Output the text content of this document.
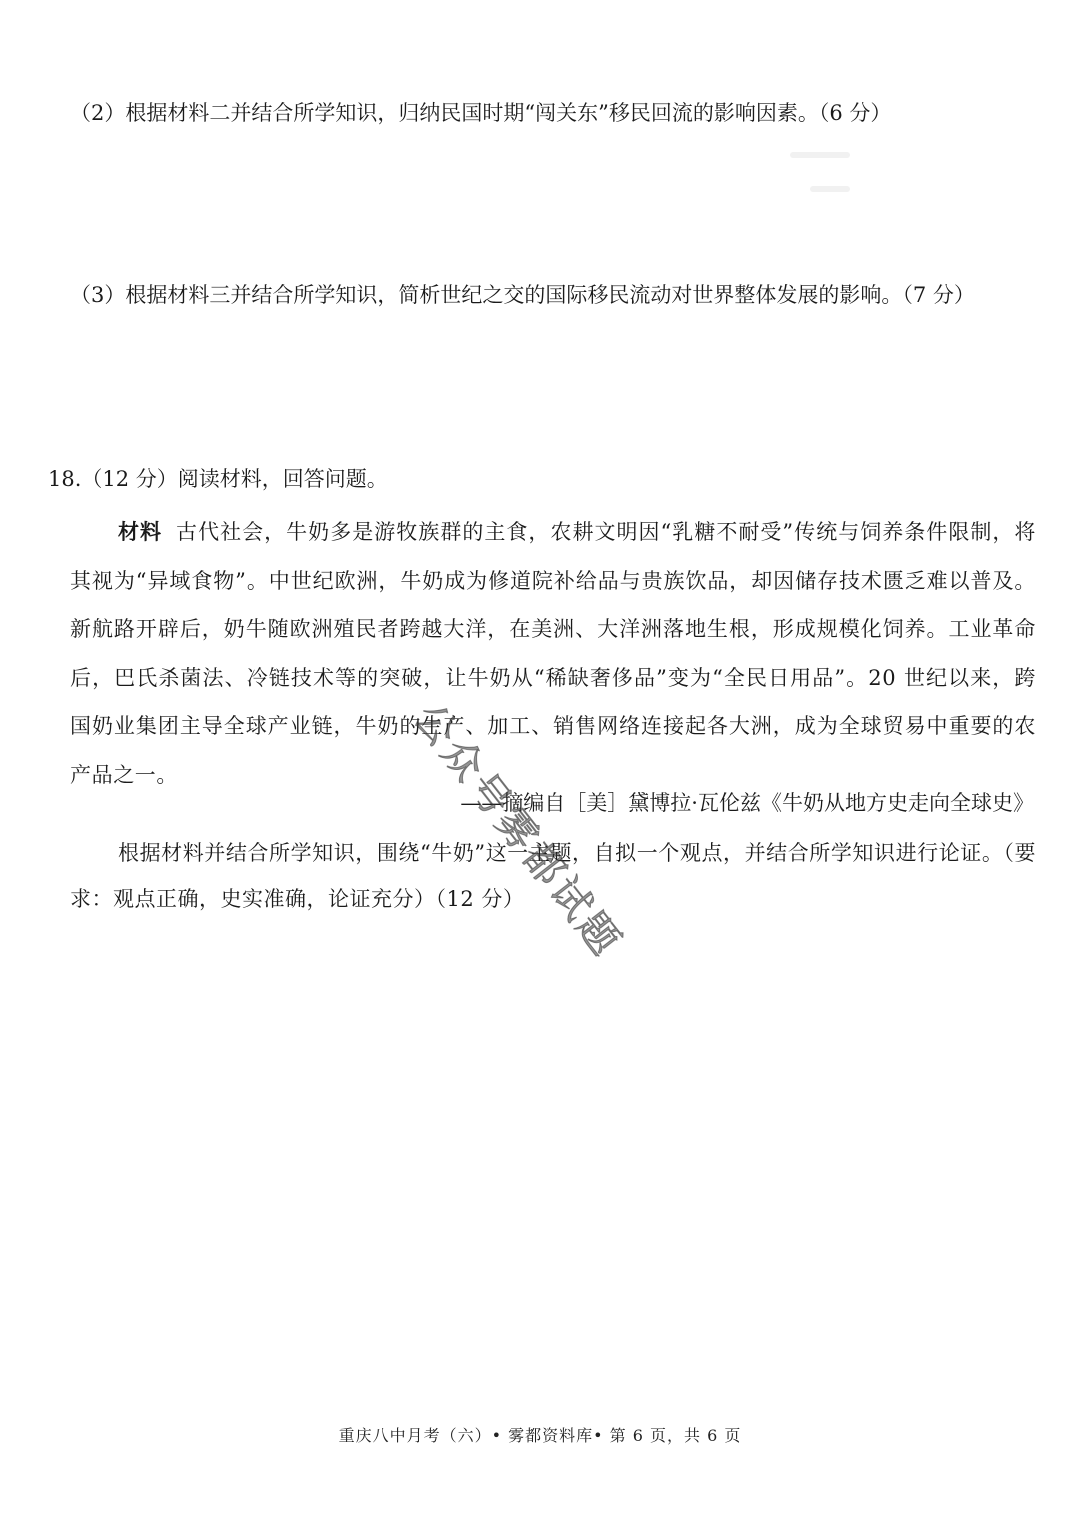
（2）根据材料二并结合所学知识，归纳民国时期“闯关东”移民回流的影响因素。（6 分）
（3）根据材料三并结合所学知识，简析世纪之交的国际移民流动对世界整体发展的影响。（7 分）
18.（12 分）阅读材料，回答问题。
材料 古代社会，牛奶多是游牧族群的主食，农耕文明因“乳糖不耐受”传统与饲养条件限制，将其视为“异域食物”。中世纪欧洲，牛奶成为修道院补给品与贵族饮品，却因储存技术匮乏难以普及。新航路开辟后，奶牛随欧洲殖民者跨越大洋，在美洲、大洋洲落地生根，形成规模化饲养。工业革命后，巴氏杀菌法、冷链技术等的突破，让牛奶从“稀缺奢侈品”变为“全民日用品”。20 世纪以来，跨国奶业集团主导全球产业链，牛奶的生产、加工、销售网络连接起各大洲，成为全球贸易中重要的农产品之一。
——摘编自［美］黛博拉·瓦伦兹《牛奶从地方史走向全球史》
根据材料并结合所学知识，围绕“牛奶”这一主题，自拟一个观点，并结合所学知识进行论证。（要求：观点正确，史实准确，论证充分）（12 分）
公众号雾都试题
重庆八中月考（六）• 雾都资料库• 第 6 页，共 6 页
